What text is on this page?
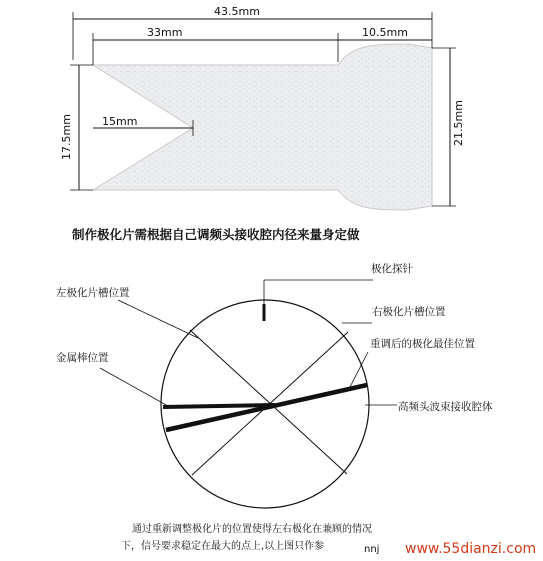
43.5mm
33mm	10.5mm
17.5mm	21.5mm
15mm
制作极化片需根据自己调频头接收腔内径来量身定做
极化探针
左极化片槽位置
右极化片槽位置
金属棒位置
重调后的极化最佳位置
高频头波束接收腔体
通过重新调整极化片的位置使得左右极化在兼顾的情况
下，信号要求稳定在最大的点上,以上图只作参	nnj www.55dianzi.com
